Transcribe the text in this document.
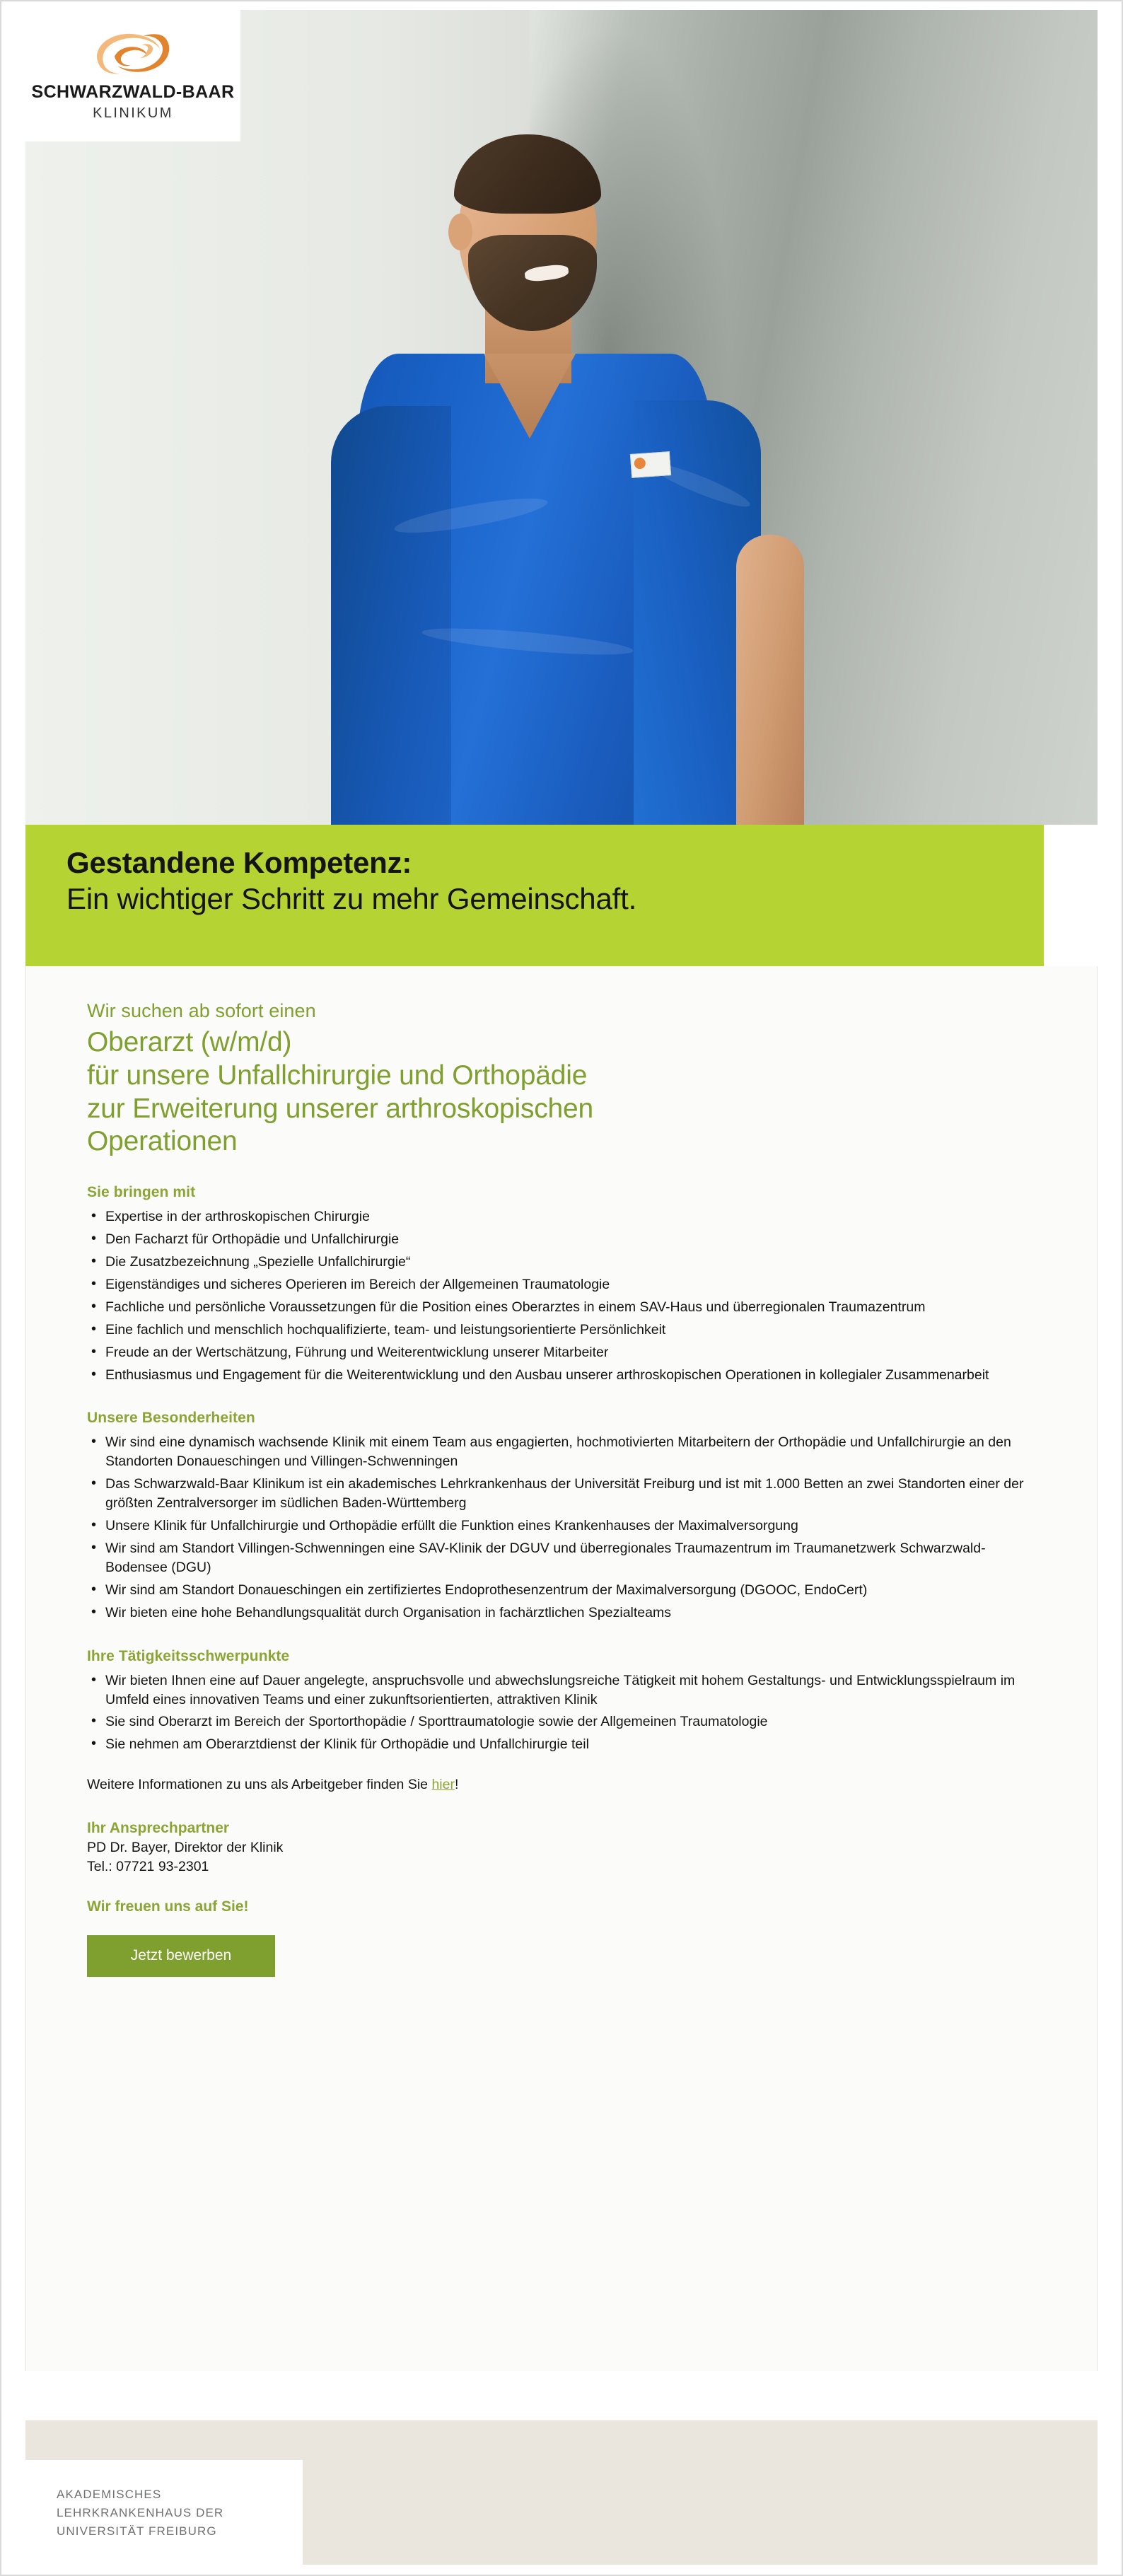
SCHWARZWALD-BAAR
KLINIKUM
Gestandene Kompetenz:
Ein wichtiger Schritt zu mehr Gemeinschaft.
Wir suchen ab sofort einen
Oberarzt (w/m/d)
für unsere Unfallchirurgie und Orthopädie
zur Erweiterung unserer arthroskopischen
Operationen
Sie bringen mit
• Expertise in der arthroskopischen Chirurgie
• Den Facharzt für Orthopädie und Unfallchirurgie
• Die Zusatzbezeichnung „Spezielle Unfallchirurgie“
• Eigenständiges und sicheres Operieren im Bereich der Allgemeinen Traumatologie
• Fachliche und persönliche Voraussetzungen für die Position eines Oberarztes in einem SAV-Haus und überregionalen Traumazentrum
• Eine fachlich und menschlich hochqualifizierte, team- und leistungsorientierte Persönlichkeit
• Freude an der Wertschätzung, Führung und Weiterentwicklung unserer Mitarbeiter
• Enthusiasmus und Engagement für die Weiterentwicklung und den Ausbau unserer arthroskopischen Operationen in kollegialer Zusammenarbeit
Unsere Besonderheiten
• Wir sind eine dynamisch wachsende Klinik mit einem Team aus engagierten, hochmotivierten Mitarbeitern der Orthopädie und Unfallchirurgie an den Standorten Donaueschingen und Villingen-Schwenningen
• Das Schwarzwald-Baar Klinikum ist ein akademisches Lehrkrankenhaus der Universität Freiburg und ist mit 1.000 Betten an zwei Standorten einer der größten Zentralversorger im südlichen Baden-Württemberg
• Unsere Klinik für Unfallchirurgie und Orthopädie erfüllt die Funktion eines Krankenhauses der Maximalversorgung
• Wir sind am Standort Villingen-Schwenningen eine SAV-Klinik der DGUV und überregionales Traumazentrum im Traumanetzwerk Schwarzwald-Bodensee (DGU)
• Wir sind am Standort Donaueschingen ein zertifiziertes Endoprothesenzentrum der Maximalversorgung (DGOOC, EndoCert)
• Wir bieten eine hohe Behandlungsqualität durch Organisation in fachärztlichen Spezialteams
Ihre Tätigkeitsschwerpunkte
• Wir bieten Ihnen eine auf Dauer angelegte, anspruchsvolle und abwechslungsreiche Tätigkeit mit hohem Gestaltungs- und Entwicklungsspielraum im Umfeld eines innovativen Teams und einer zukunftsorientierten, attraktiven Klinik
• Sie sind Oberarzt im Bereich der Sportorthopädie / Sporttraumatologie sowie der Allgemeinen Traumatologie
• Sie nehmen am Oberarztdienst der Klinik für Orthopädie und Unfallchirurgie teil
Weitere Informationen zu uns als Arbeitgeber finden Sie hier!
Ihr Ansprechpartner
PD Dr. Bayer, Direktor der Klinik
Tel.: 07721 93-2301
Wir freuen uns auf Sie!
Jetzt bewerben
AKADEMISCHES
LEHRKRANKENHAUS DER
UNIVERSITÄT FREIBURG
